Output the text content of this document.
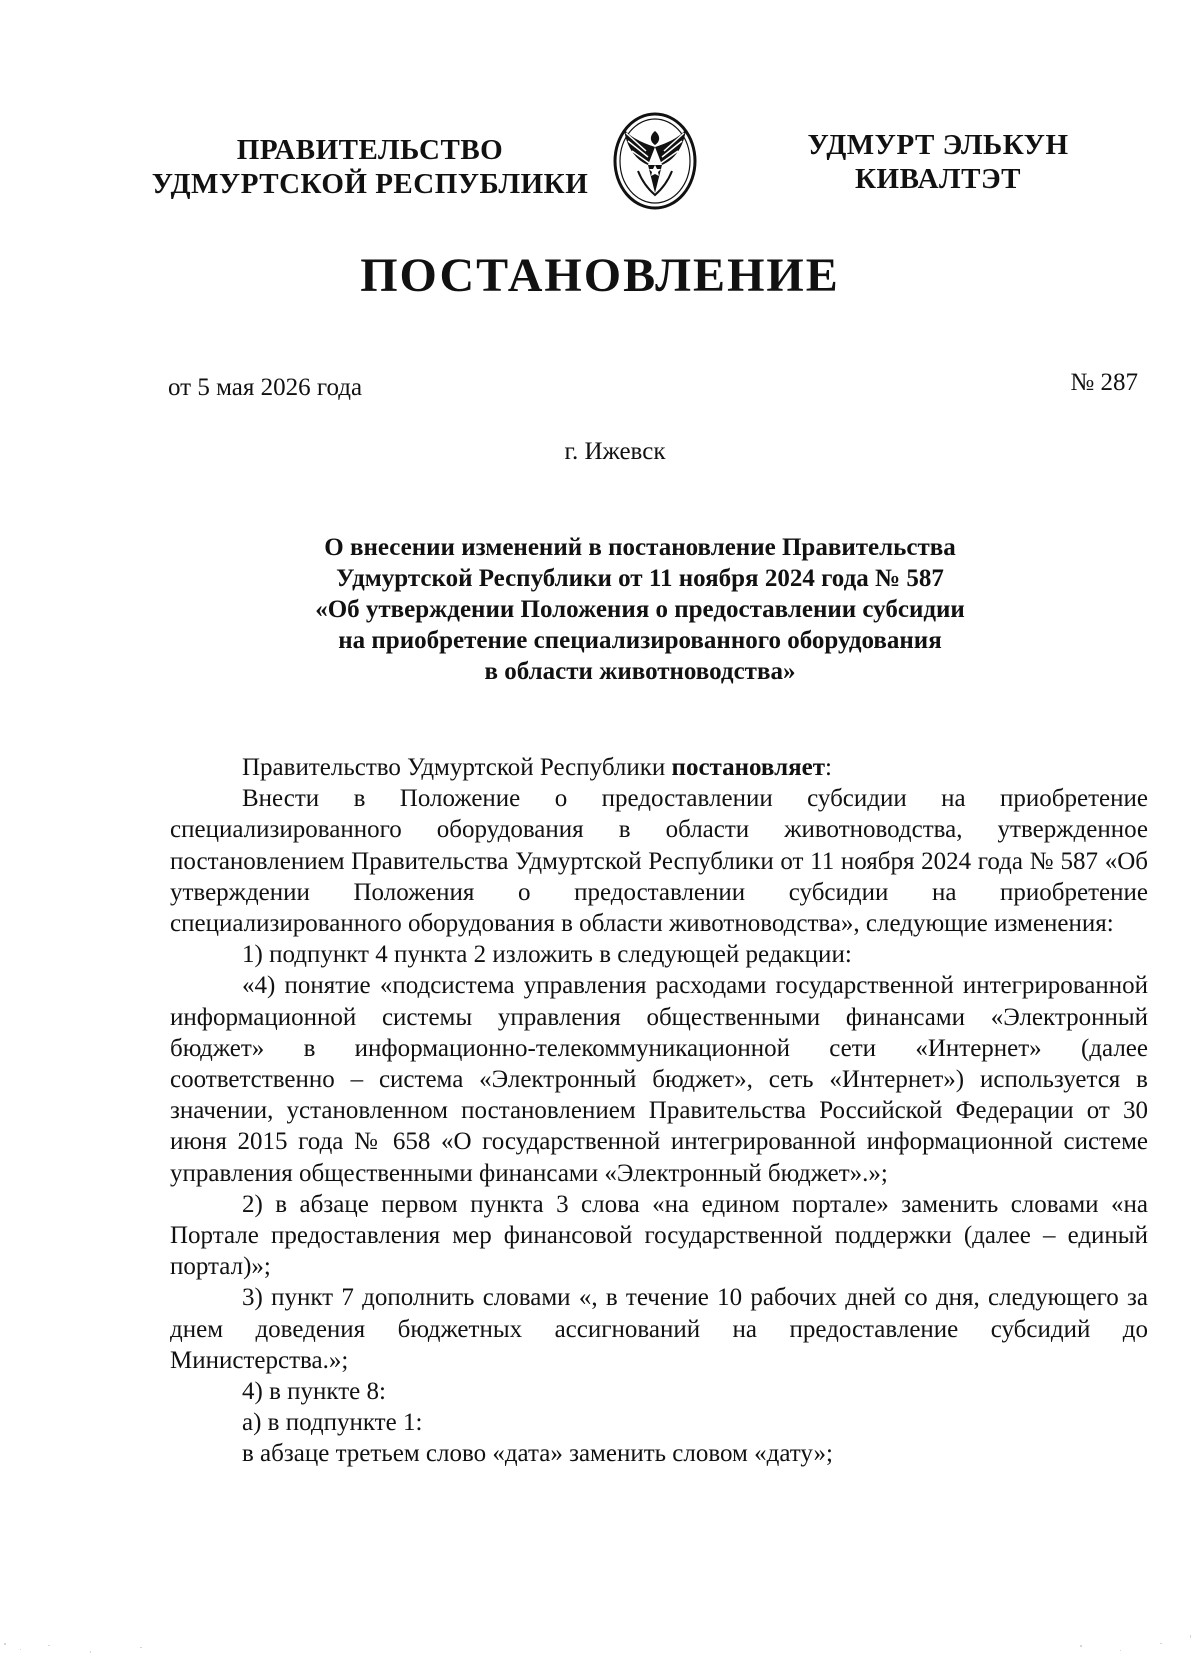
ПРАВИТЕЛЬСТВО
УДМУРТСКОЙ РЕСПУБЛИКИ
УДМУРТ ЭЛЬКУН
КИВАЛТЭТ
ПОСТАНОВЛЕНИЕ
от 5 мая 2026 года	№ 287
г. Ижевск
О внесении изменений в постановление Правительства
Удмуртской Республики от 11 ноября 2024 года № 587
«Об утверждении Положения о предоставлении субсидии
на приобретение специализированного оборудования
в области животноводства»

Правительство Удмуртской Республики постановляет:

Внести в Положение о предоставлении субсидии на приобретение специализированного оборудования в области животноводства, утвержденное постановлением Правительства Удмуртской Республики от 11 ноября 2024 года № 587 «Об утверждении Положения о предоставлении субсидии на приобретение специализированного оборудования в области животноводства», следующие изменения:

1) подпункт 4 пункта 2 изложить в следующей редакции:

«4) понятие «подсистема управления расходами государственной интегрированной информационной системы управления общественными финансами «Электронный бюджет» в информационно-телекоммуникационной сети «Интернет» (далее соответственно – система «Электронный бюджет», сеть «Интернет») используется в значении, установленном постановлением Правительства Российской Федерации от 30 июня 2015 года № 658 «О государственной интегрированной информационной системе управления общественными финансами «Электронный бюджет».»;

2) в абзаце первом пункта 3 слова «на едином портале» заменить словами «на Портале предоставления мер финансовой государственной поддержки (далее – единый портал)»;

3) пункт 7 дополнить словами «, в течение 10 рабочих дней со дня, следующего за днем доведения бюджетных ассигнований на предоставление субсидий до Министерства.»;

4) в пункте 8:

а) в подпункте 1:

в абзаце третьем слово «дата» заменить словом «дату»;
